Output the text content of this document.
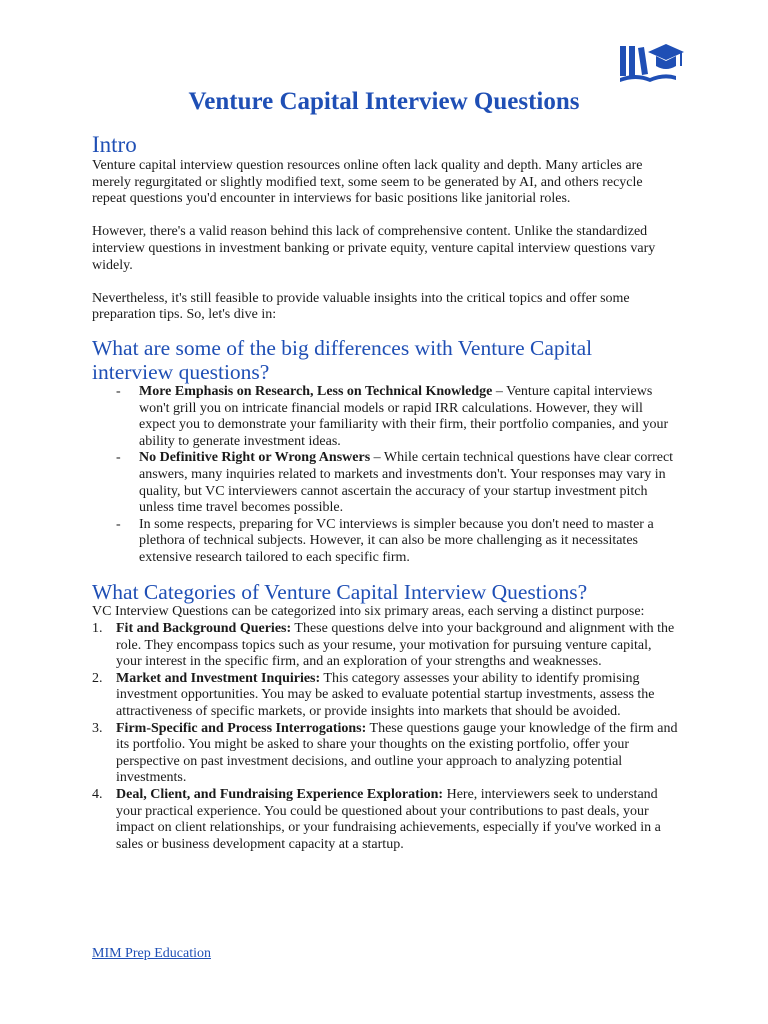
Venture Capital Interview Questions
Intro

Venture capital interview question resources online often lack quality and depth. Many articles are merely regurgitated or slightly modified text, some seem to be generated by AI, and others recycle repeat questions you'd encounter in interviews for basic positions like janitorial roles.

However, there's a valid reason behind this lack of comprehensive content. Unlike the standardized interview questions in investment banking or private equity, venture capital interview questions vary widely.

Nevertheless, it's still feasible to provide valuable insights into the critical topics and offer some preparation tips. So, let's dive in:

What are some of the big differences with Venture Capital interview questions?
- More Emphasis on Research, Less on Technical Knowledge – Venture capital interviews won't grill you on intricate financial models or rapid IRR calculations. However, they will expect you to demonstrate your familiarity with their firm, their portfolio companies, and your ability to generate investment ideas.
- No Definitive Right or Wrong Answers – While certain technical questions have clear correct answers, many inquiries related to markets and investments don't. Your responses may vary in quality, but VC interviewers cannot ascertain the accuracy of your startup investment pitch unless time travel becomes possible.
- In some respects, preparing for VC interviews is simpler because you don't need to master a plethora of technical subjects. However, it can also be more challenging as it necessitates extensive research tailored to each specific firm.
What Categories of Venture Capital Interview Questions?

VC Interview Questions can be categorized into six primary areas, each serving a distinct purpose:

1. Fit and Background Queries: These questions delve into your background and alignment with the role. They encompass topics such as your resume, your motivation for pursuing venture capital, your interest in the specific firm, and an exploration of your strengths and weaknesses.
2. Market and Investment Inquiries: This category assesses your ability to identify promising investment opportunities. You may be asked to evaluate potential startup investments, assess the attractiveness of specific markets, or provide insights into markets that should be avoided.
3. Firm-Specific and Process Interrogations: These questions gauge your knowledge of the firm and its portfolio. You might be asked to share your thoughts on the existing portfolio, offer your perspective on past investment decisions, and outline your approach to analyzing potential investments.
4. Deal, Client, and Fundraising Experience Exploration: Here, interviewers seek to understand your practical experience. You could be questioned about your contributions to past deals, your impact on client relationships, or your fundraising achievements, especially if you've worked in a sales or business development capacity at a startup.
MIM Prep Education
